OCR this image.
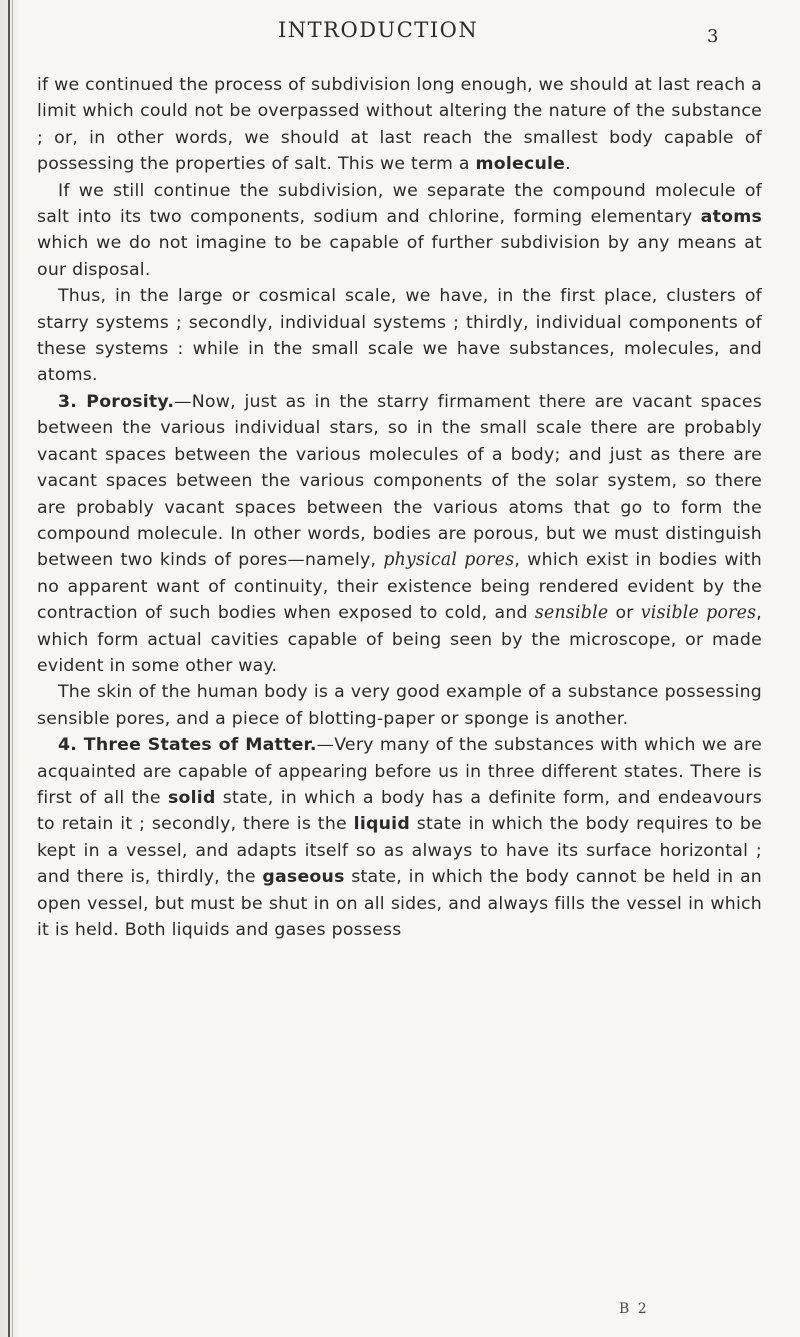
INTRODUCTION	3

if we continued the process of subdivision long enough, we should at last reach a limit which could not be overpassed without altering the nature of the substance ; or, in other words, we should at last reach the smallest body capable of possessing the properties of salt. This we term a molecule.

If we still continue the subdivision, we separate the compound molecule of salt into its two components, sodium and chlorine, forming elementary atoms which we do not imagine to be capable of further subdivision by any means at our disposal.

Thus, in the large or cosmical scale, we have, in the first place, clusters of starry systems ; secondly, individual systems ; thirdly, individual components of these systems : while in the small scale we have substances, molecules, and atoms.

3. Porosity.—Now, just as in the starry firmament there are vacant spaces between the various individual stars, so in the small scale there are probably vacant spaces between the various molecules of a body; and just as there are vacant spaces between the various components of the solar system, so there are probably vacant spaces between the various atoms that go to form the compound molecule. In other words, bodies are porous, but we must distinguish between two kinds of pores—namely, physical pores, which exist in bodies with no apparent want of continuity, their existence being rendered evident by the contraction of such bodies when exposed to cold, and sensible or visible pores, which form actual cavities capable of being seen by the microscope, or made evident in some other way.

The skin of the human body is a very good example of a substance possessing sensible pores, and a piece of blotting-paper or sponge is another.

4. Three States of Matter.—Very many of the substances with which we are acquainted are capable of appearing before us in three different states. There is first of all the solid state, in which a body has a definite form, and endeavours to retain it ; secondly, there is the liquid state in which the body requires to be kept in a vessel, and adapts itself so as always to have its surface horizontal ; and there is, thirdly, the gaseous state, in which the body cannot be held in an open vessel, but must be shut in on all sides, and always fills the vessel in which it is held. Both liquids and gases possess

B 2
